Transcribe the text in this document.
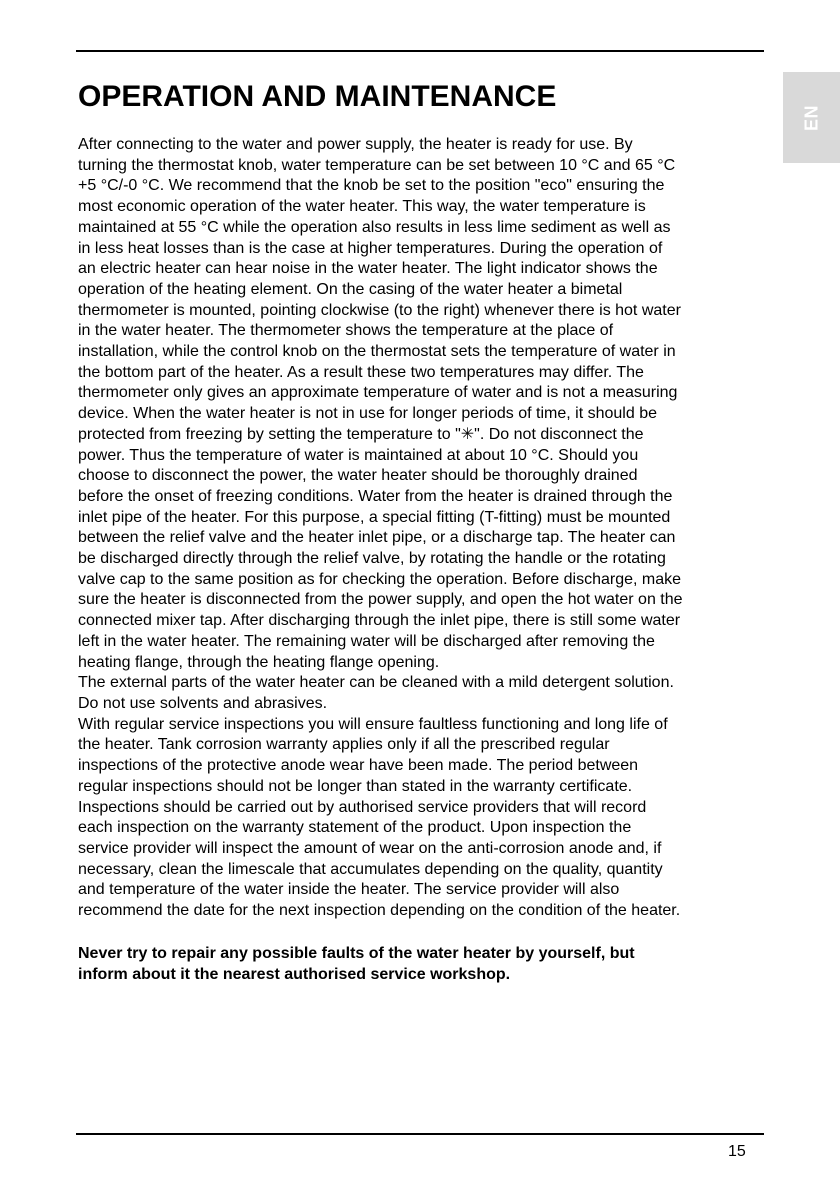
EN
OPERATION AND MAINTENANCE
After connecting to the water and power supply, the heater is ready for use. By
turning the thermostat knob, water temperature can be set between 10 °C and 65 °C
+5 °C/-0 °C. We recommend that the knob be set to the position "eco" ensuring the
most economic operation of the water heater. This way, the water temperature is
maintained at 55 °C while the operation also results in less lime sediment as well as
in less heat losses than is the case at higher temperatures. During the operation of
an electric heater can hear noise in the water heater. The light indicator shows the
operation of the heating element. On the casing of the water heater a bimetal
thermometer is mounted, pointing clockwise (to the right) whenever there is hot water
in the water heater. The thermometer shows the temperature at the place of
installation, while the control knob on the thermostat sets the temperature of water in
the bottom part of the heater. As a result these two temperatures may differ. The
thermometer only gives an approximate temperature of water and is not a measuring
device. When the water heater is not in use for longer periods of time, it should be
protected from freezing by setting the temperature to "✳". Do not disconnect the
power. Thus the temperature of water is maintained at about 10 °C. Should you
choose to disconnect the power, the water heater should be thoroughly drained
before the onset of freezing conditions. Water from the heater is drained through the
inlet pipe of the heater. For this purpose, a special fitting (T-fitting) must be mounted
between the relief valve and the heater inlet pipe, or a discharge tap. The heater can
be discharged directly through the relief valve, by rotating the handle or the rotating
valve cap to the same position as for checking the operation. Before discharge, make
sure the heater is disconnected from the power supply, and open the hot water on the
connected mixer tap. After discharging through the inlet pipe, there is still some water
left in the water heater. The remaining water will be discharged after removing the
heating flange, through the heating flange opening.
The external parts of the water heater can be cleaned with a mild detergent solution.
Do not use solvents and abrasives.
With regular service inspections you will ensure faultless functioning and long life of
the heater. Tank corrosion warranty applies only if all the prescribed regular
inspections of the protective anode wear have been made. The period between
regular inspections should not be longer than stated in the warranty certificate.
Inspections should be carried out by authorised service providers that will record
each inspection on the warranty statement of the product. Upon inspection the
service provider will inspect the amount of wear on the anti-corrosion anode and, if
necessary, clean the limescale that accumulates depending on the quality, quantity
and temperature of the water inside the heater. The service provider will also
recommend the date for the next inspection depending on the condition of the heater.
Never try to repair any possible faults of the water heater by yourself, but
inform about it the nearest authorised service workshop.
15
